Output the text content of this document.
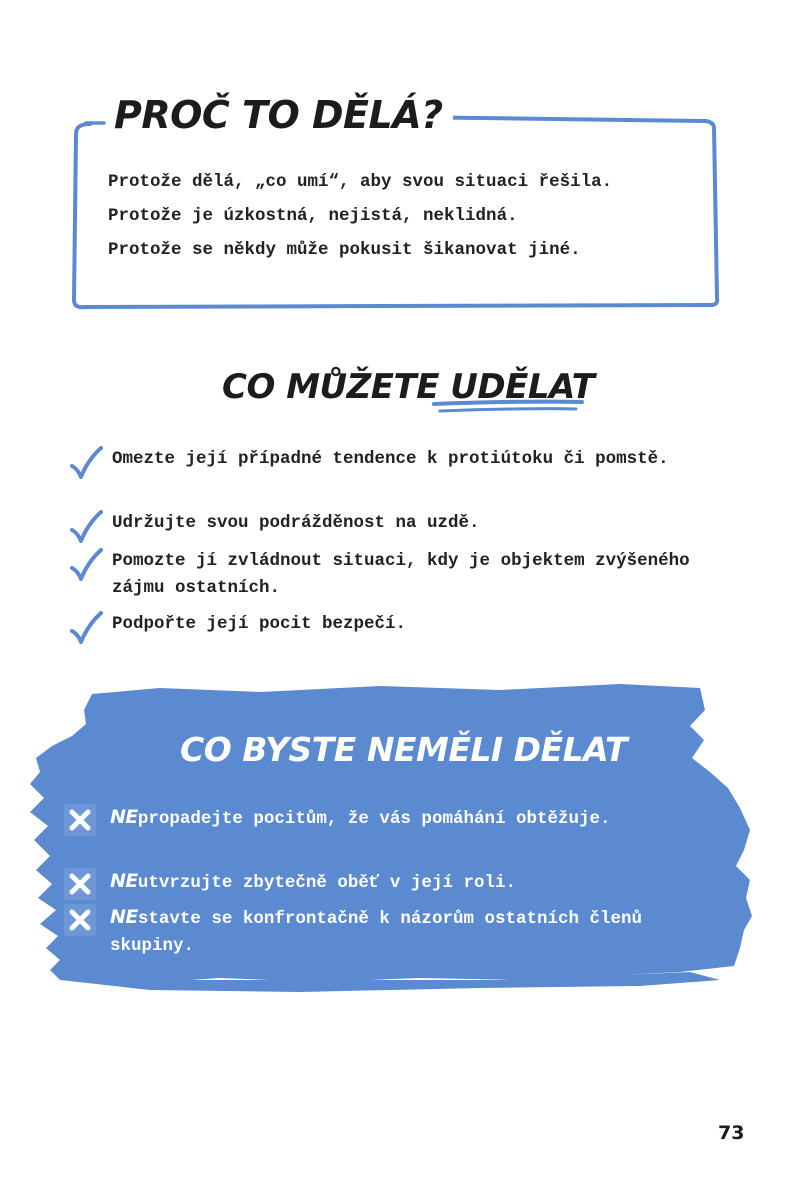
PROČ TO DĚLÁ?
Protože dělá, „co umí“, aby svou situaci řešila.
Protože je úzkostná, nejistá, neklidná.
Protože se někdy může pokusit šikanovat jiné.
CO MŮŽETE UDĚLAT
Omezte její případné tendence k protiútoku či pomstě.
Udržujte svou podrážděnost na uzdě.
Pomozte jí zvládnout situaci, kdy je objektem zvýšeného zájmu ostatních.
Podpořte její pocit bezpečí.
CO BYSTE NEMĚLI DĚLAT
NEpropadejte pocitům, že vás pomáhání obtěžuje.
NEutvrzujte zbytečně oběť v její roli.
NEstavte se konfrontačně k názorům ostatních členů skupiny.
73
